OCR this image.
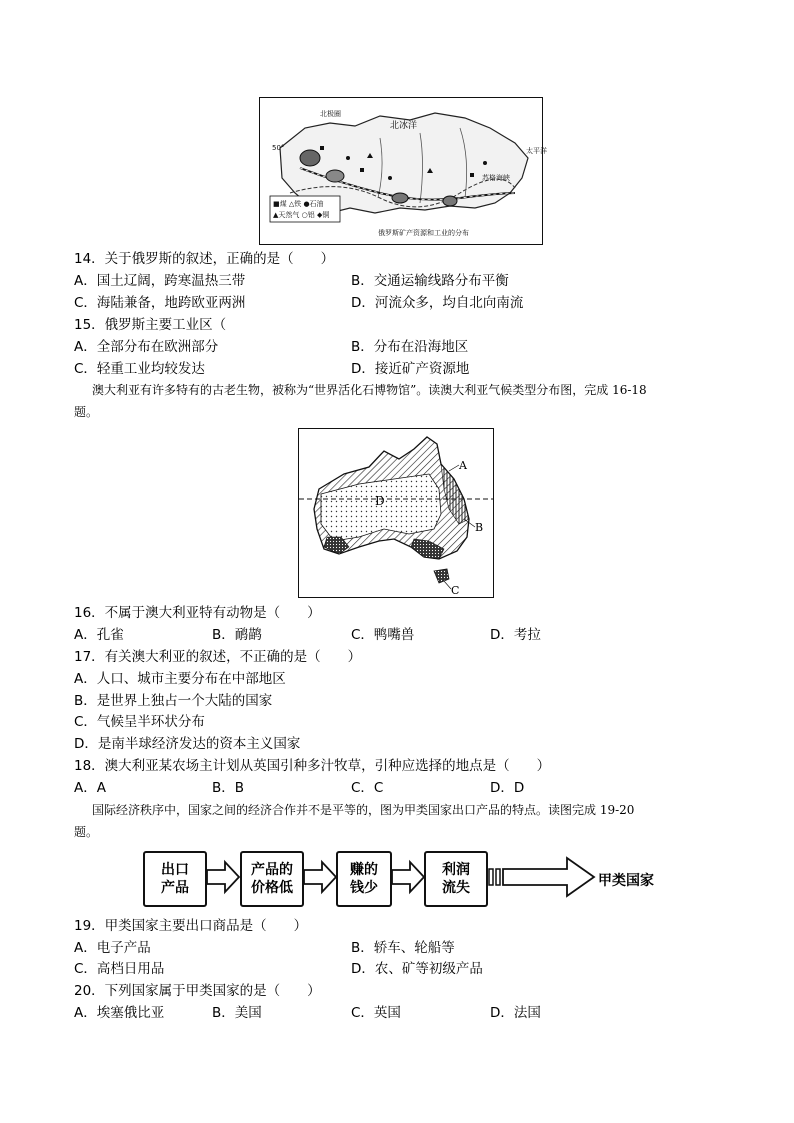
■煤 △铁 ●石油
▲天然气 ○铝 ◆铜
北极圈
北冰洋
50°
苏格海峡
太平洋
俄罗斯矿产资源和工业的分布
14．关于俄罗斯的叙述，正确的是（　　）
A．国土辽阔，跨寒温热三带	B．交通运输线路分布平衡
C．海陆兼备，地跨欧亚两洲	D．河流众多，均自北向南流
15．俄罗斯主要工业区（
A．全部分布在欧洲部分	B．分布在沿海地区
C．轻重工业均较发达	D．接近矿产资源地
澳大利亚有许多特有的古老生物，被称为“世界活化石博物馆”。读澳大利亚气候类型分布图，完成 16-18
题。
D
A
B
C
16．不属于澳大利亚特有动物是（　　）
A．孔雀	B．鸸鹋	C．鸭嘴兽	D．考拉
17．有关澳大利亚的叙述，不正确的是（　　）
A．人口、城市主要分布在中部地区
B．是世界上独占一个大陆的国家
C．气候呈半环状分布
D．是南半球经济发达的资本主义国家
18．澳大利亚某农场主计划从英国引种多汁牧草，引种应选择的地点是（　　）
A．A	B．B	C．C	D．D
国际经济秩序中，国家之间的经济合作并不是平等的，图为甲类国家出口产品的特点。读图完成 19-20
题。
出口
产品
产品的
价格低
赚的
钱少
利润
流失	甲类国家
19．甲类国家主要出口商品是（　　）
A．电子产品	B．轿车、轮船等
C．高档日用品	D．农、矿等初级产品
20．下列国家属于甲类国家的是（　　）
A．埃塞俄比亚	B．美国	C．英国	D．法国
